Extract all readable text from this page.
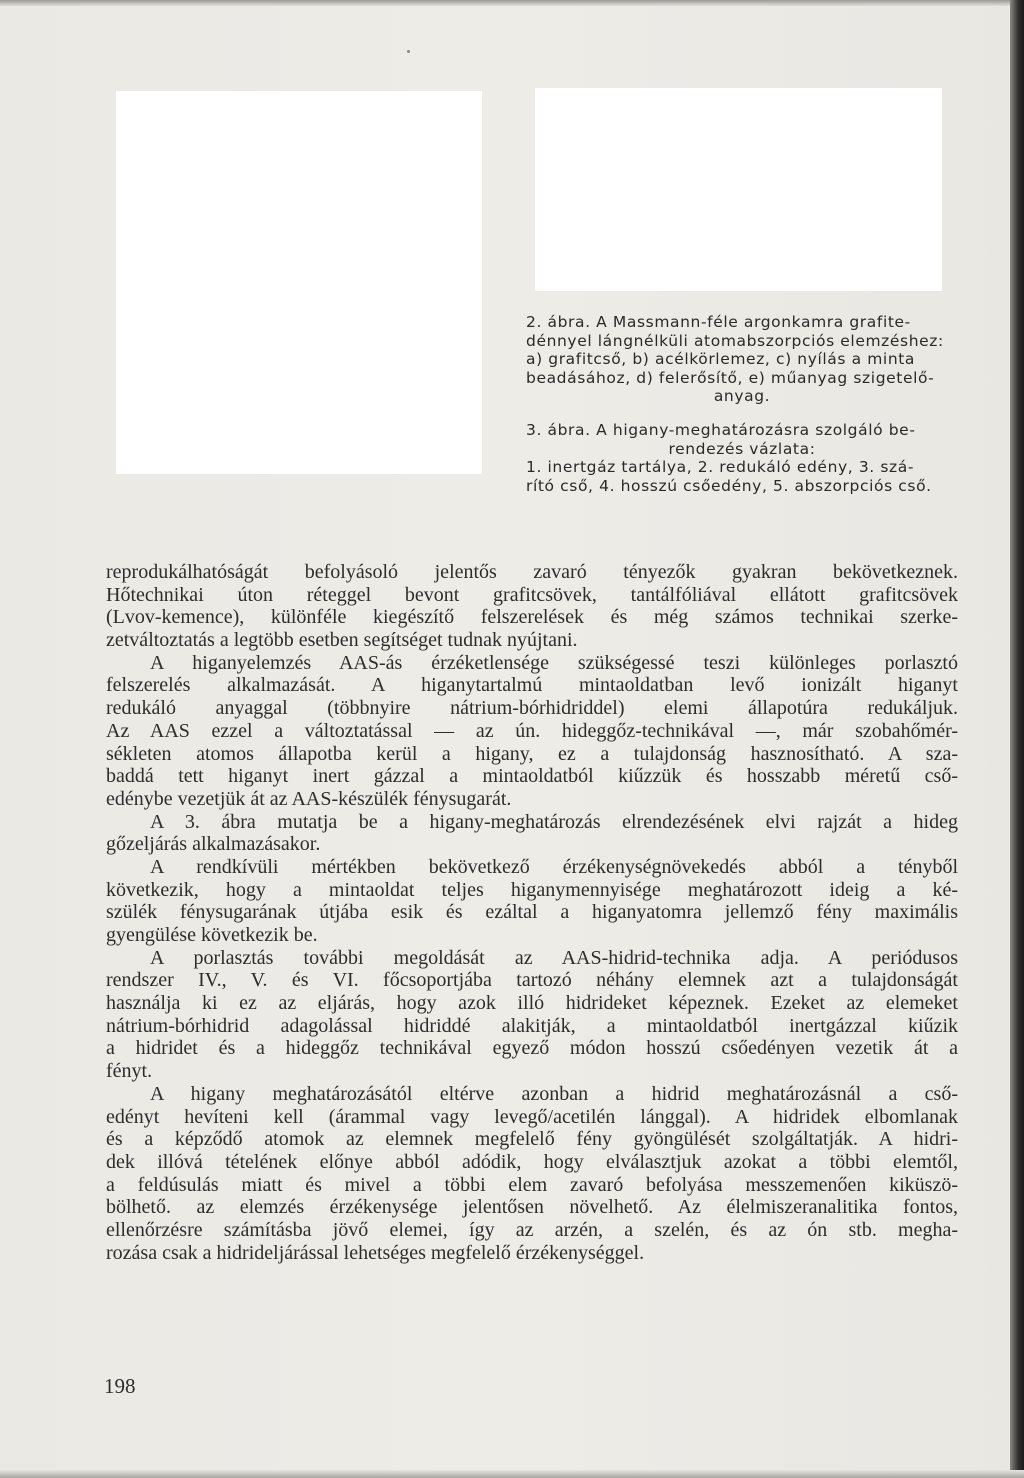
2. ábra. A Massmann-féle argonkamra grafite-
dénnyel lángnélküli atomabszorpciós elemzéshez:
a) grafitcső, b) acélkörlemez, c) nyílás a minta
beadásához, d) felerősítő, e) műanyag szigetelő-
anyag.
3. ábra. A higany-meghatározásra szolgáló be-
rendezés vázlata:
1. inertgáz tartálya, 2. redukáló edény, 3. szá-
rító cső, 4. hosszú csőedény, 5. abszorpciós cső.
reprodukálhatóságát befolyásoló jelentős zavaró tényezők gyakran bekövetkeznek.
Hőtechnikai úton réteggel bevont grafitcsövek, tantálfóliával ellátott grafitcsövek
(Lvov-kemence), különféle kiegészítő felszerelések és még számos technikai szerke-
zetváltoztatás a legtöbb esetben segítséget tudnak nyújtani.
A higanyelemzés AAS-ás érzéketlensége szükségessé teszi különleges porlasztó
felszerelés alkalmazását. A higanytartalmú mintaoldatban levő ionizált higanyt
redukáló anyaggal (többnyire nátrium-bórhidriddel) elemi állapotúra redukáljuk.
Az AAS ezzel a változtatással — az ún. hideggőz-technikával —, már szobahőmér-
sékleten atomos állapotba kerül a higany, ez a tulajdonság hasznosítható. A sza-
baddá tett higanyt inert gázzal a mintaoldatból kiűzzük és hosszabb méretű cső-
edénybe vezetjük át az AAS-készülék fénysugarát.
A 3. ábra mutatja be a higany-meghatározás elrendezésének elvi rajzát a hideg
gőzeljárás alkalmazásakor.
A rendkívüli mértékben bekövetkező érzékenységnövekedés abból a tényből
következik, hogy a mintaoldat teljes higanymennyisége meghatározott ideig a ké-
szülék fénysugarának útjába esik és ezáltal a higanyatomra jellemző fény maximális
gyengülése következik be.
A porlasztás további megoldását az AAS-hidrid-technika adja. A periódusos
rendszer IV., V. és VI. főcsoportjába tartozó néhány elemnek azt a tulajdonságát
használja ki ez az eljárás, hogy azok illó hidrideket képeznek. Ezeket az elemeket
nátrium-bórhidrid adagolással hidriddé alakitják, a mintaoldatból inertgázzal kiűzik
a hidridet és a hideggőz technikával egyező módon hosszú csőedényen vezetik át a
fényt.
A higany meghatározásától eltérve azonban a hidrid meghatározásnál a cső-
edényt hevíteni kell (árammal vagy levegő/acetilén lánggal). A hidridek elbomlanak
és a képződő atomok az elemnek megfelelő fény gyöngülését szolgáltatják. A hidri-
dek illóvá tételének előnye abból adódik, hogy elválasztjuk azokat a többi elemtől,
a feldúsulás miatt és mivel a többi elem zavaró befolyása messzemenően kiküszö-
bölhető. az elemzés érzékenysége jelentősen növelhető. Az élelmiszeranalitika fontos,
ellenőrzésre számításba jövő elemei, így az arzén, a szelén, és az ón stb. megha-
rozása csak a hidrideljárással lehetséges megfelelő érzékenységgel.
198
